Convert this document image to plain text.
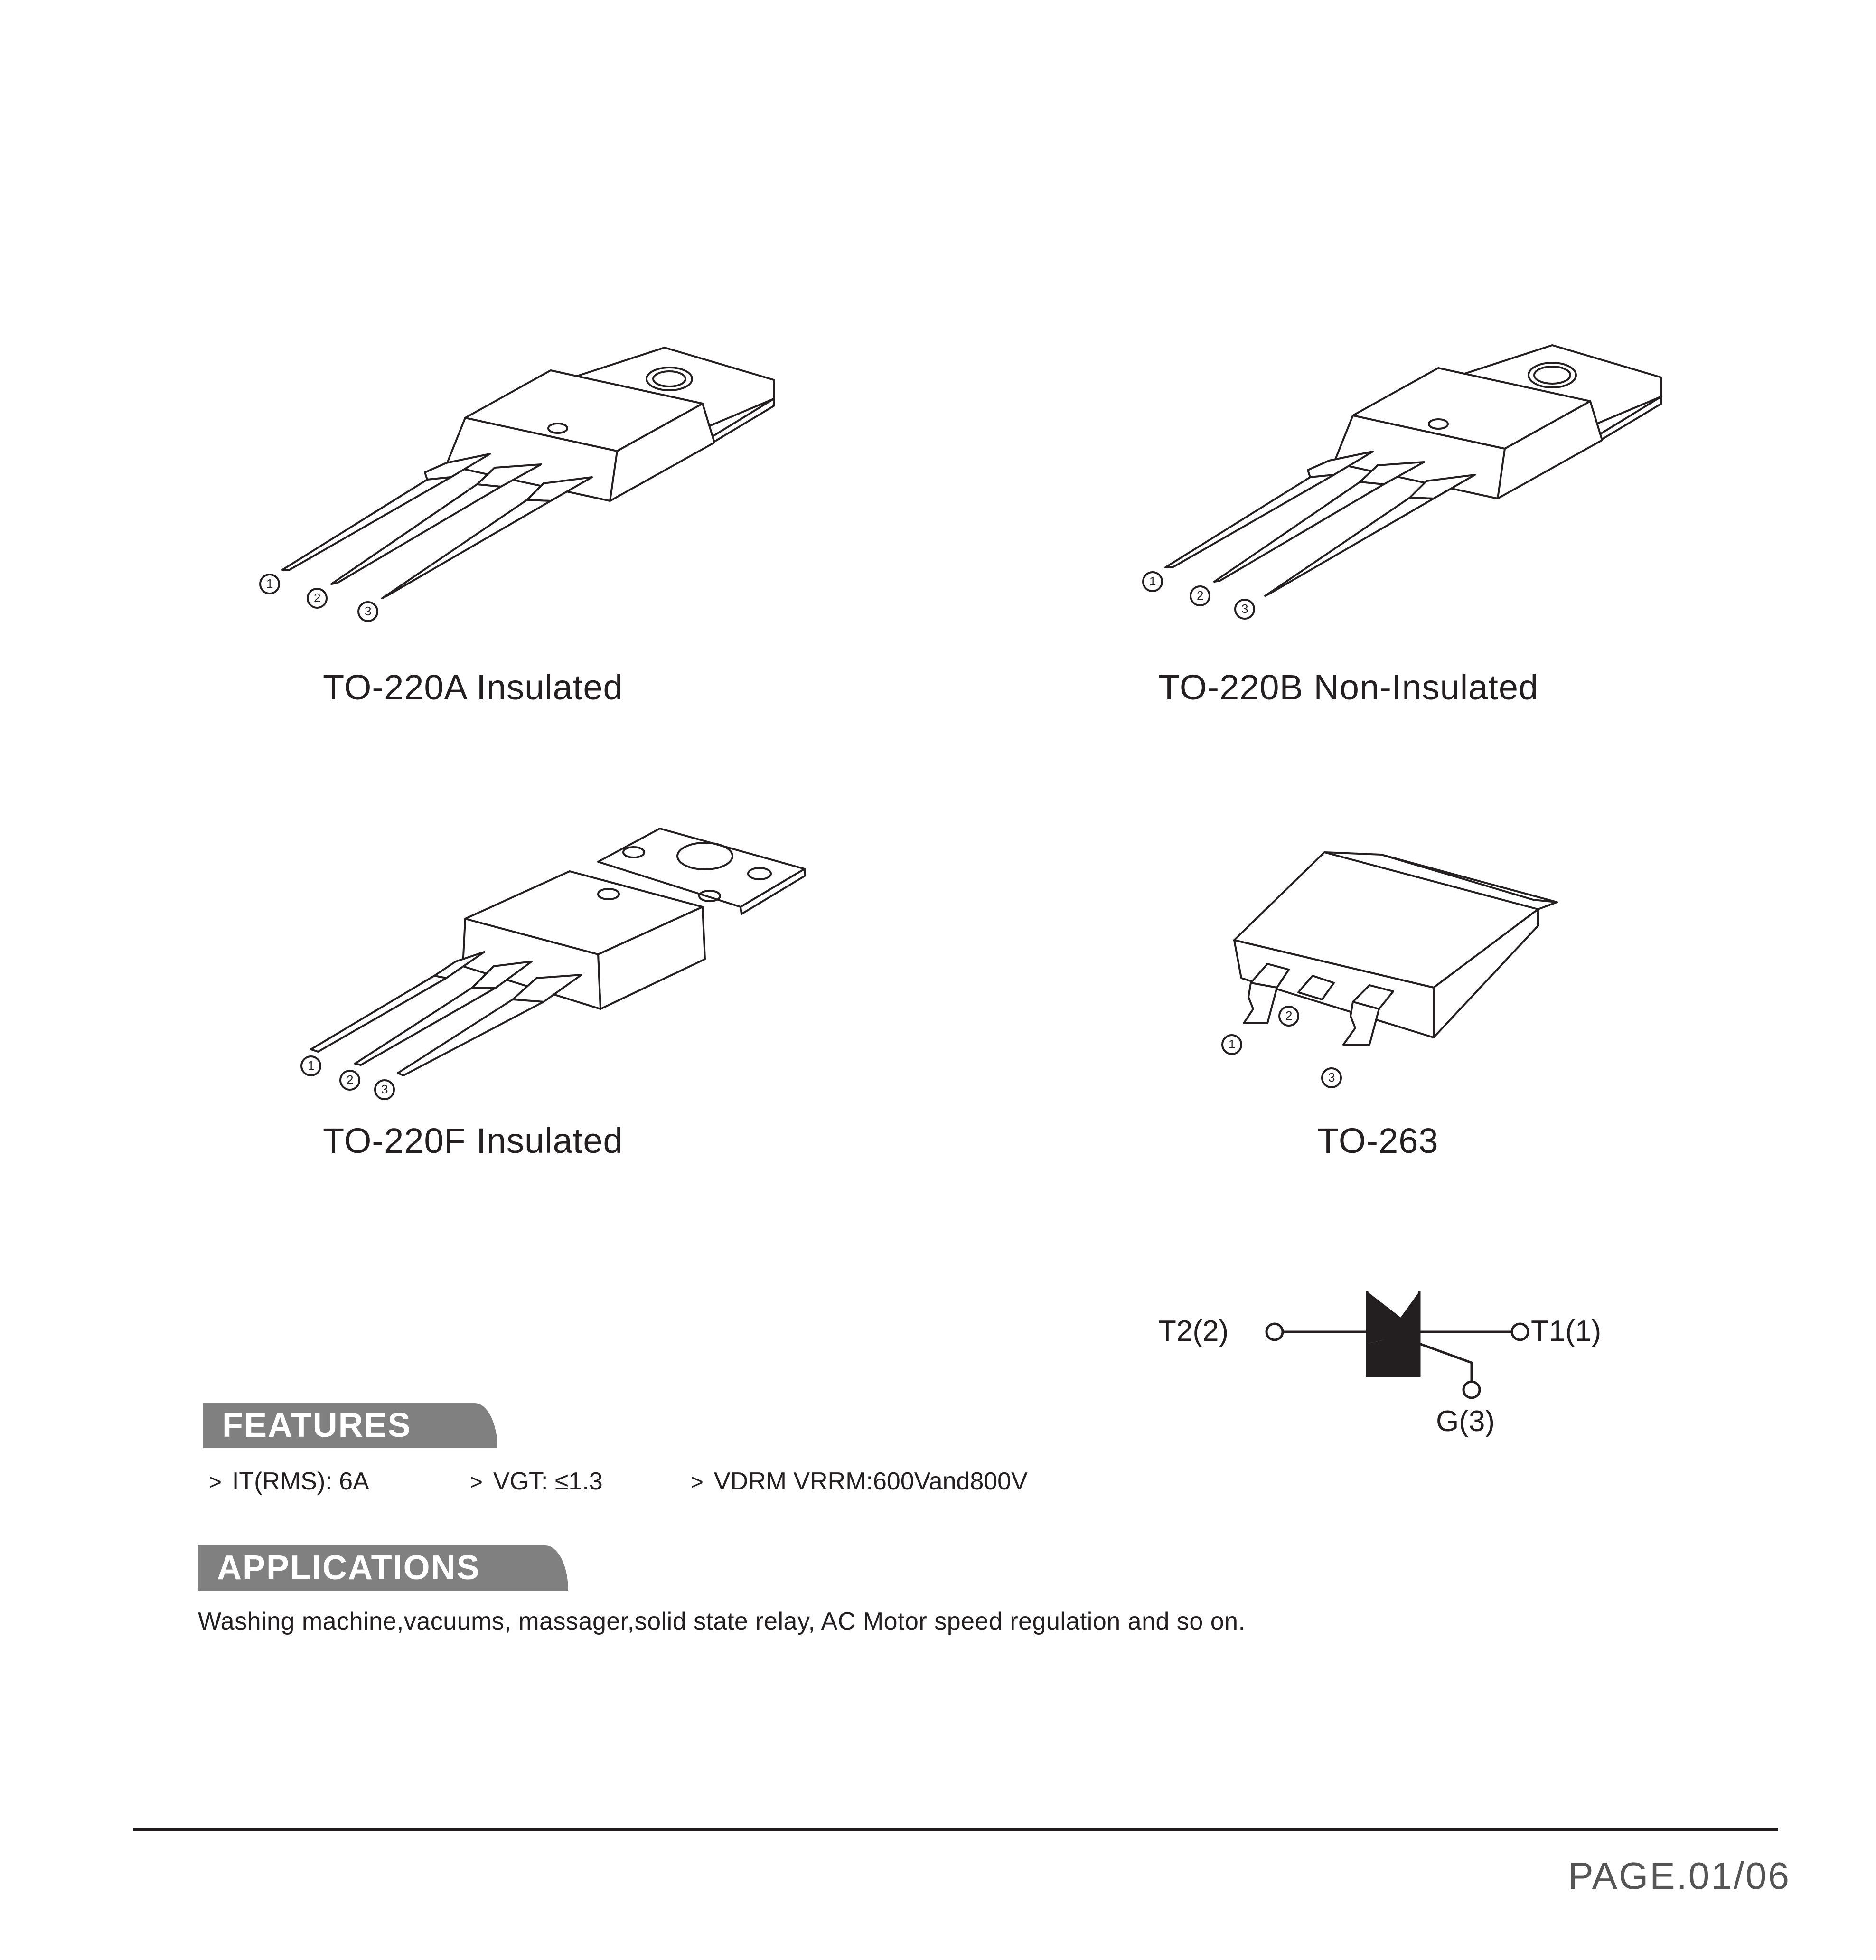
1
2
3
TO-220A Insulated
1
2
3
TO-220B Non-Insulated
1
2
3
TO-220F Insulated
1
2
3
TO-263
T2(2)	T1(1)
G(3)
FEATURES
> IT(RMS): 6A	> VGT: ≤1.3	> VDRM VRRM:600Vand800V
APPLICATIONS
Washing machine,vacuums, massager,solid state relay, AC Motor speed regulation and so on.
PAGE.01/06
